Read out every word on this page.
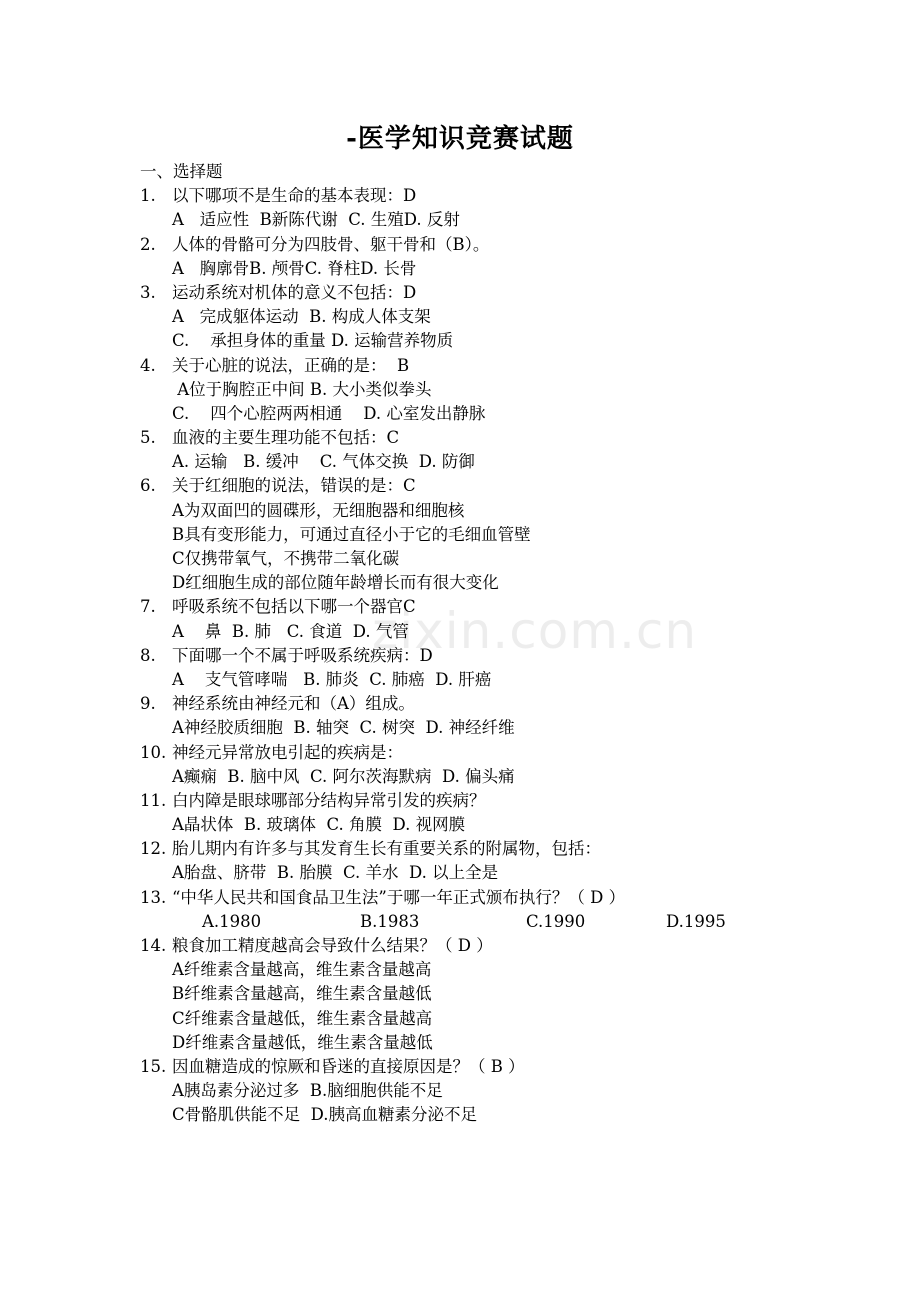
-医学知识竞赛试题
一、选择题
1. 以下哪项不是生命的基本表现：D
A   适应性  B新陈代谢  C. 生殖D. 反射
2. 人体的骨骼可分为四肢骨、躯干骨和（B）。
A   胸廓骨B. 颅骨C. 脊柱D. 长骨
3. 运动系统对机体的意义不包括：D
A   完成躯体运动  B. 构成人体支架
C.    承担身体的重量 D. 运输营养物质
4. 关于心脏的说法，正确的是：  B
A位于胸腔正中间 B. 大小类似拳头
C.    四个心腔两两相通    D. 心室发出静脉
5. 血液的主要生理功能不包括：C
A. 运输   B. 缓冲    C. 气体交换  D. 防御
6. 关于红细胞的说法，错误的是：C
A为双面凹的圆碟形，无细胞器和细胞核
B具有变形能力，可通过直径小于它的毛细血管壁
C仅携带氧气，不携带二氧化碳
D红细胞生成的部位随年龄增长而有很大变化
7. 呼吸系统不包括以下哪一个器官C
A    鼻  B. 肺   C. 食道  D. 气管
8. 下面哪一个不属于呼吸系统疾病：D
A    支气管哮喘   B. 肺炎  C. 肺癌  D. 肝癌
9. 神经系统由神经元和（A）组成。
A神经胶质细胞  B. 轴突  C. 树突  D. 神经纤维
10. 神经元异常放电引起的疾病是：
A癫痫  B. 脑中风  C. 阿尔茨海默病  D. 偏头痛
11. 白内障是眼球哪部分结构异常引发的疾病？
A晶状体  B. 玻璃体  C. 角膜  D. 视网膜
12. 胎儿期内有许多与其发育生长有重要关系的附属物，包括：
A胎盘、脐带  B. 胎膜  C. 羊水  D. 以上全是
13. “中华人民共和国食品卫生法”于哪一年正式颁布执行？（ D ）
A.1980	B.1983	C.1990	D.1995
14. 粮食加工精度越高会导致什么结果？（ D ）
A纤维素含量越高，维生素含量越高
B纤维素含量越高，维生素含量越低
C纤维素含量越低，维生素含量越高
D纤维素含量越低，维生素含量越低
15. 因血糖造成的惊厥和昏迷的直接原因是？（ B ）
A胰岛素分泌过多  B.脑细胞供能不足
C骨骼肌供能不足  D.胰高血糖素分泌不足
zixin.com.cn
